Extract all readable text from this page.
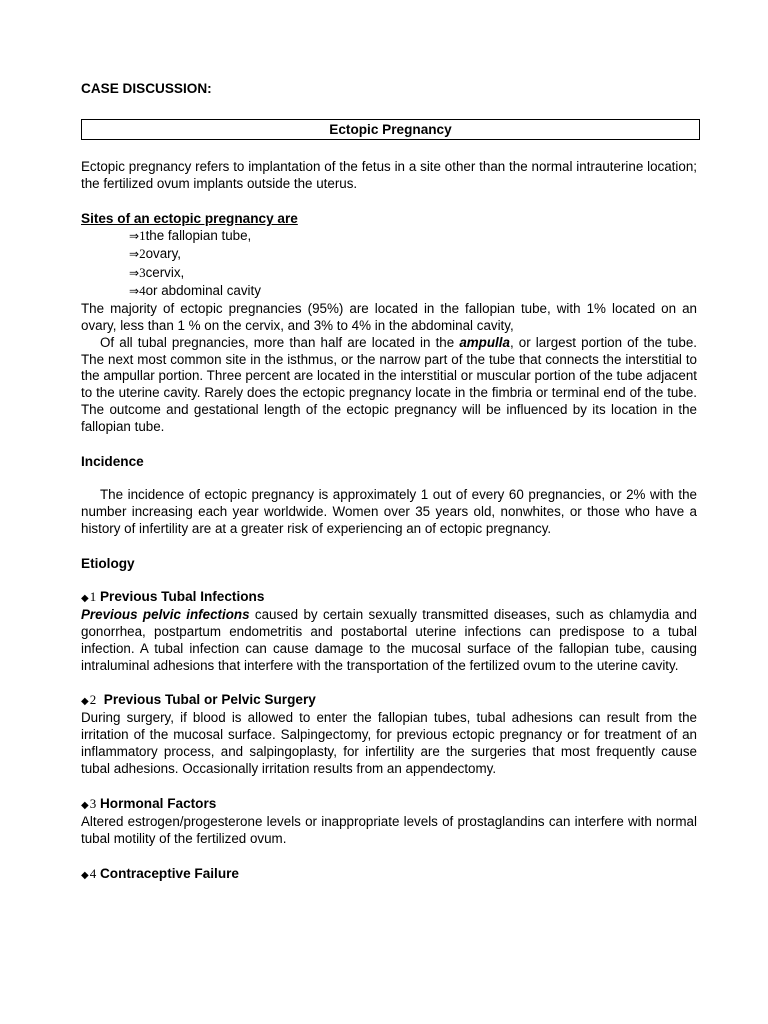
CASE DISCUSSION:
Ectopic Pregnancy

Ectopic pregnancy refers to implantation of the fetus in a site other than the normal intrauterine location; the fertilized ovum implants outside the uterus.

Sites of an ectopic pregnancy are

⇒1the fallopian tube,
⇒2ovary,
⇒3cervix,
⇒4or abdominal cavity

The majority of ectopic pregnancies (95%) are located in the fallopian tube, with 1% located on an ovary, less than 1 % on the cervix, and 3% to 4% in the abdominal cavity,

Of all tubal pregnancies, more than half are located in the ampulla, or largest portion of the tube. The next most common site in the isthmus, or the narrow part of the tube that connects the interstitial to the ampullar portion. Three percent are located in the interstitial or muscular portion of the tube adjacent to the uterine cavity. Rarely does the ectopic pregnancy locate in the fimbria or terminal end of the tube. The outcome and gestational length of the ectopic pregnancy will be influenced by its location in the fallopian tube.

Incidence

The incidence of ectopic pregnancy is approximately 1 out of every 60 pregnancies, or 2% with the number increasing each year worldwide. Women over 35 years old, nonwhites, or those who have a history of infertility are at a greater risk of experiencing an of ectopic pregnancy.

Etiology

◆1 Previous Tubal Infections

Previous pelvic infections caused by certain sexually transmitted diseases, such as chlamydia and gonorrhea, postpartum endometritis and postabortal uterine infections can predispose to a tubal infection. A tubal infection can cause damage to the mucosal surface of the fallopian tube, causing intraluminal adhesions that interfere with the transportation of the fertilized ovum to the uterine cavity.

◆2 Previous Tubal or Pelvic Surgery

During surgery, if blood is allowed to enter the fallopian tubes, tubal adhesions can result from the irritation of the mucosal surface. Salpingectomy, for previous ectopic pregnancy or for treatment of an inflammatory process, and salpingoplasty, for infertility are the surgeries that most frequently cause tubal adhesions. Occasionally irritation results from an appendectomy.

◆3 Hormonal Factors

Altered estrogen/progesterone levels or inappropriate levels of prostaglandins can interfere with normal tubal motility of the fertilized ovum.

◆4 Contraceptive Failure
